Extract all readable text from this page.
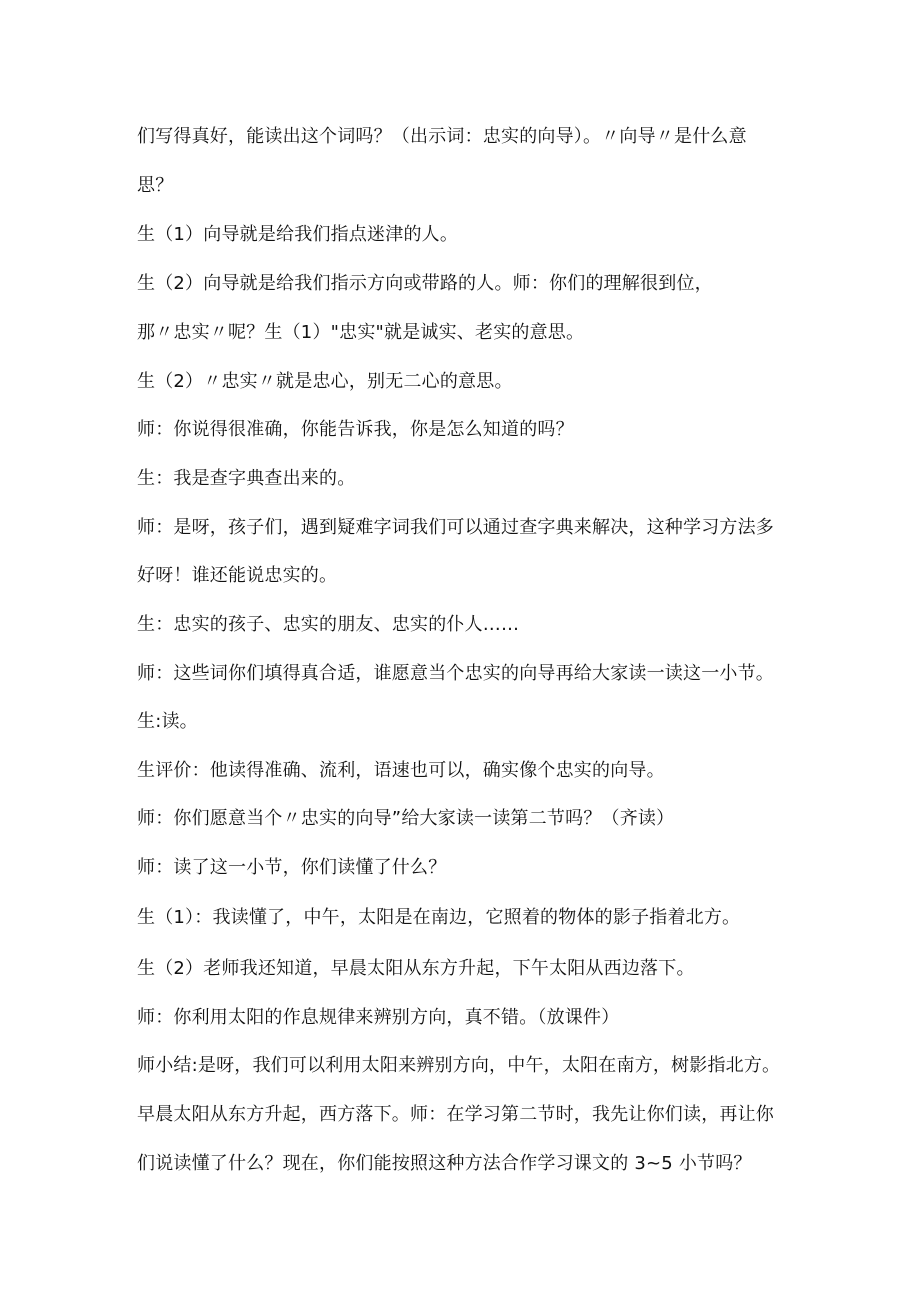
们写得真好，能读出这个词吗？（出示词：忠实的向导）。〃向导〃是什么意
思？
生（1）向导就是给我们指点迷津的人。
生（2）向导就是给我们指示方向或带路的人。师：你们的理解很到位，
那〃忠实〃呢？生（1）"忠实"就是诚实、老实的意思。
生（2）〃忠实〃就是忠心，别无二心的意思。
师：你说得很准确，你能告诉我，你是怎么知道的吗？
生：我是查字典查出来的。
师：是呀，孩子们，遇到疑难字词我们可以通过查字典来解决，这种学习方法多
好呀！谁还能说忠实的。
生：忠实的孩子、忠实的朋友、忠实的仆人……
师：这些词你们填得真合适，谁愿意当个忠实的向导再给大家读一读这一小节。
生:读。
生评价：他读得准确、流利，语速也可以，确实像个忠实的向导。
师：你们愿意当个〃忠实的向导”给大家读一读第二节吗？（齐读）
师：读了这一小节，你们读懂了什么？
生（1）：我读懂了，中午，太阳是在南边，它照着的物体的影子指着北方。
生（2）老师我还知道，早晨太阳从东方升起，下午太阳从西边落下。
师：你利用太阳的作息规律来辨别方向，真不错。（放课件）
师小结:是呀，我们可以利用太阳来辨别方向，中午，太阳在南方，树影指北方。
早晨太阳从东方升起，西方落下。师：在学习第二节时，我先让你们读，再让你
们说读懂了什么？现在，你们能按照这种方法合作学习课文的 3~5 小节吗？
